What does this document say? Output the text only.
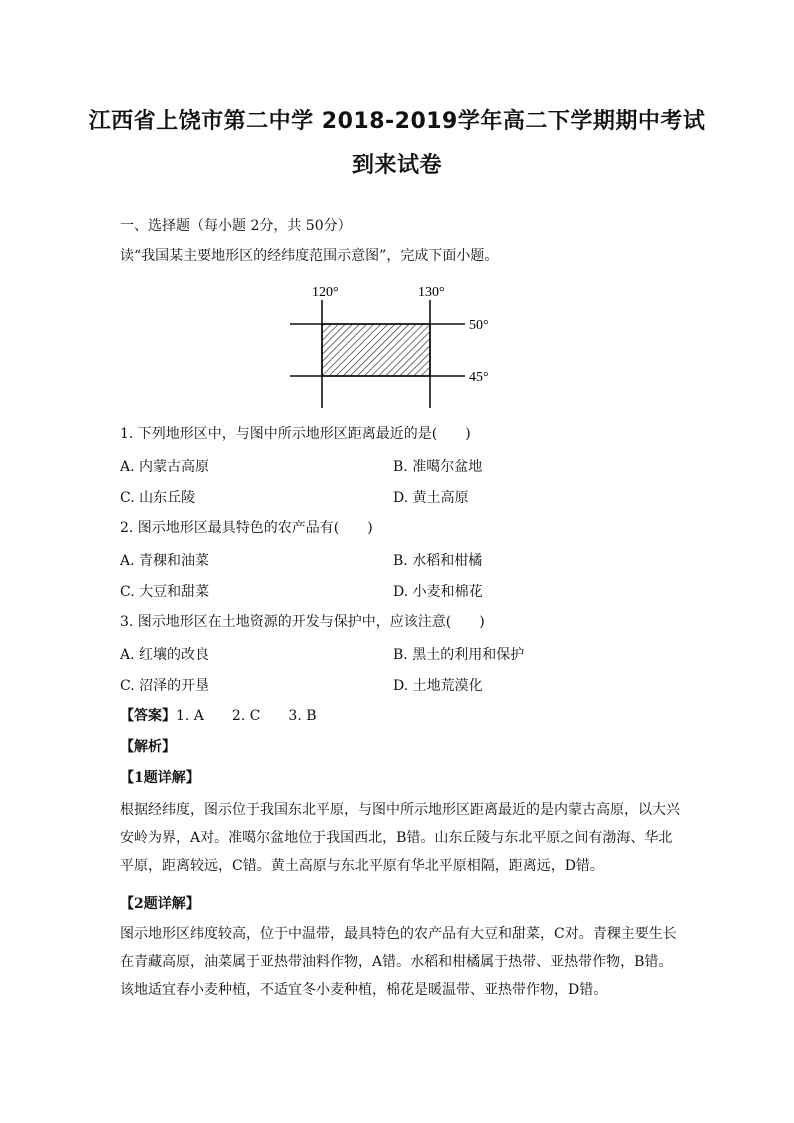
江西省上饶市第二中学 2018-2019学年高二下学期期中考试
到来试卷
一、选择题（每小题 2分，共 50分）
读“我国某主要地形区的经纬度范围示意图”，完成下面小题。
120°	130°
50°
45°
1. 下列地形区中，与图中所示地形区距离最近的是(　　)
A. 内蒙古高原	B. 准噶尔盆地
C. 山东丘陵	D. 黄土高原
2. 图示地形区最具特色的农产品有(　　)
A. 青稞和油菜	B. 水稻和柑橘
C. 大豆和甜菜	D. 小麦和棉花
3. 图示地形区在土地资源的开发与保护中，应该注意(　　)
A. 红壤的改良	B. 黑土的利用和保护
C. 沼泽的开垦	D. 土地荒漠化
【答案】1. A　　2. C　　3. B
【解析】
【1题详解】
根据经纬度，图示位于我国东北平原，与图中所示地形区距离最近的是内蒙古高原，以大兴安岭为界，A对。准噶尔盆地位于我国西北，B错。山东丘陵与东北平原之间有渤海、华北平原，距离较远，C错。黄土高原与东北平原有华北平原相隔，距离远，D错。
【2题详解】
图示地形区纬度较高，位于中温带，最具特色的农产品有大豆和甜菜，C对。青稞主要生长在青藏高原，油菜属于亚热带油料作物，A错。水稻和柑橘属于热带、亚热带作物，B错。该地适宜春小麦种植，不适宜冬小麦种植，棉花是暖温带、亚热带作物，D错。
